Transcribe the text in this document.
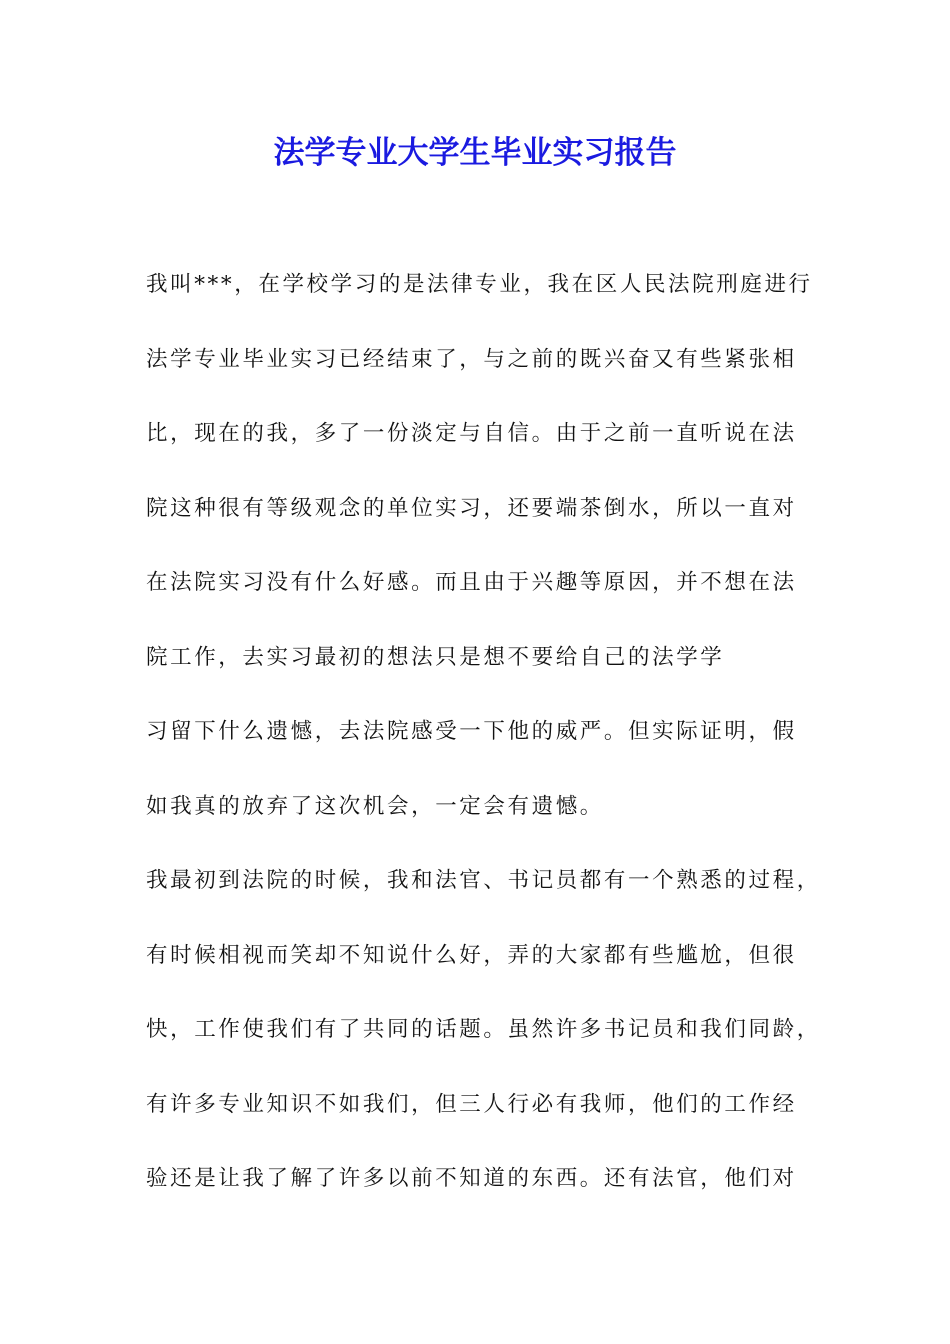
法学专业大学生毕业实习报告
我叫***，在学校学习的是法律专业，我在区人民法院刑庭进行
法学专业毕业实习已经结束了，与之前的既兴奋又有些紧张相
比，现在的我，多了一份淡定与自信。由于之前一直听说在法
院这种很有等级观念的单位实习，还要端茶倒水，所以一直对
在法院实习没有什么好感。而且由于兴趣等原因，并不想在法
院工作，去实习最初的想法只是想不要给自己的法学学
习留下什么遗憾，去法院感受一下他的威严。但实际证明，假
如我真的放弃了这次机会，一定会有遗憾。
我最初到法院的时候，我和法官、书记员都有一个熟悉的过程，
有时候相视而笑却不知说什么好，弄的大家都有些尴尬，但很
快，工作使我们有了共同的话题。虽然许多书记员和我们同龄，
有许多专业知识不如我们，但三人行必有我师，他们的工作经
验还是让我了解了许多以前不知道的东西。还有法官，他们对
